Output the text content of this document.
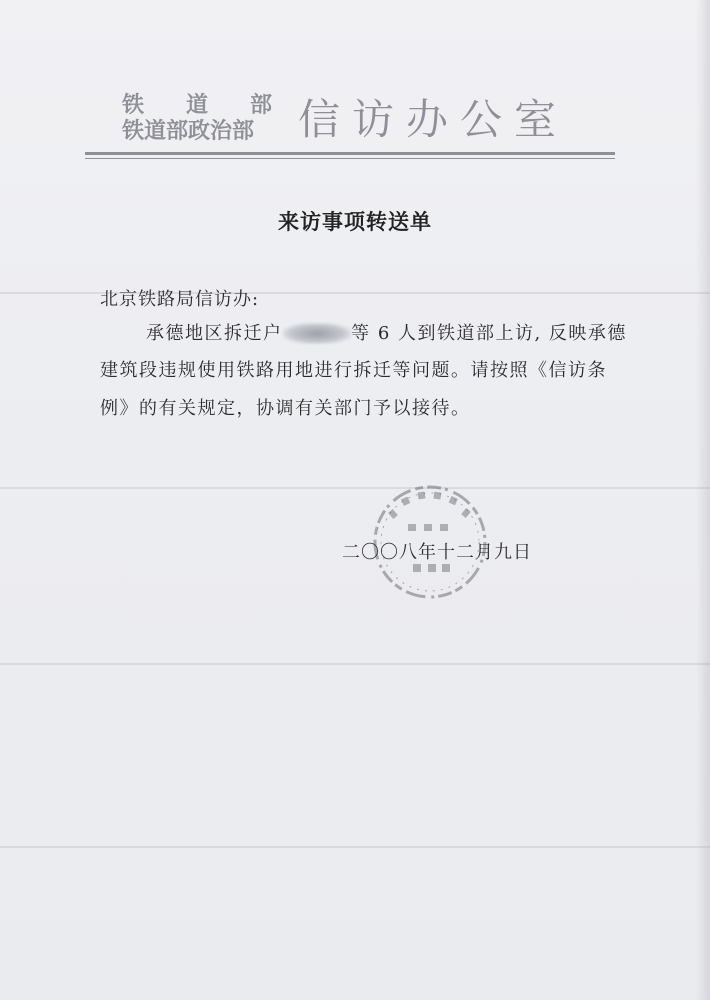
铁 道 部
铁道部政治部	信访办公室
来访事项转送单
北京铁路局信访办:
承德地区拆迁户	等 6 人到铁道部上访, 反映承德
建筑段违规使用铁路用地进行拆迁等问题。请按照《信访条
例》的有关规定，协调有关部门予以接待。
二〇〇八年十二月九日
